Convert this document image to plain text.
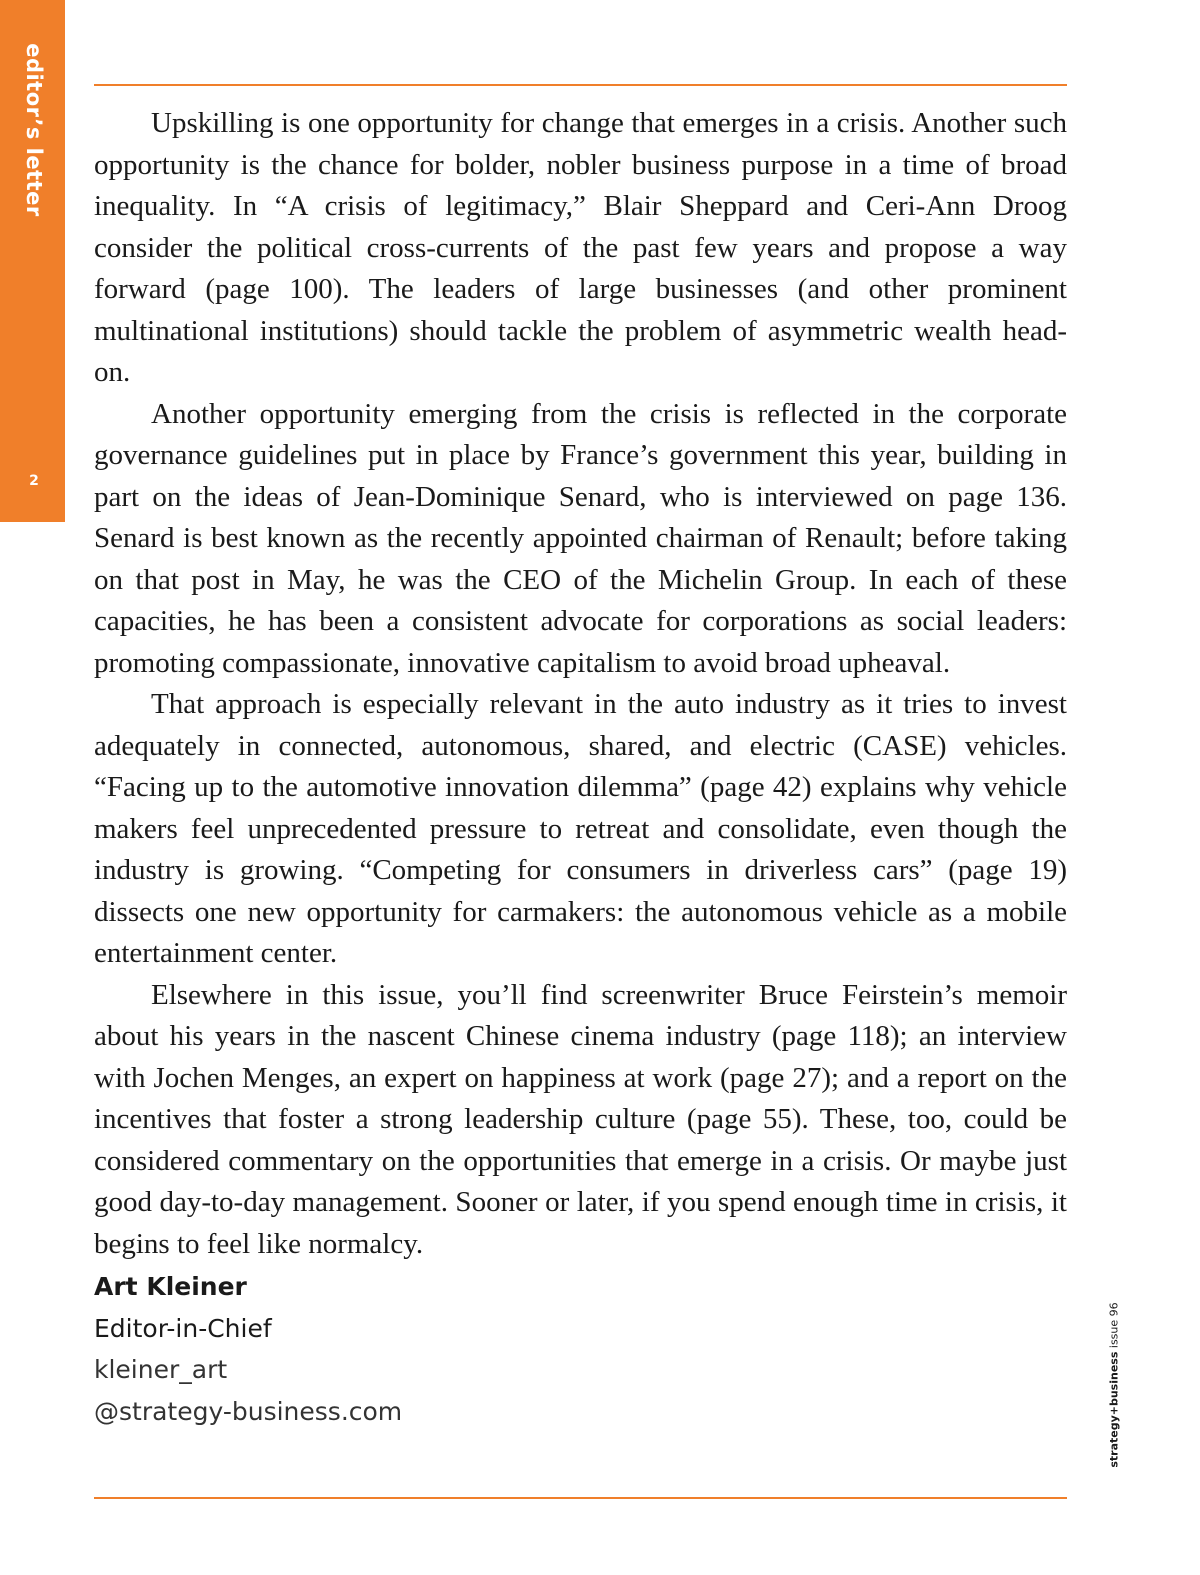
editor’s letter
2

Upskilling is one opportunity for change that emerges in a crisis. Another such opportunity is the chance for bolder, nobler business purpose in a time of broad inequality. In “A crisis of legitimacy,” Blair Sheppard and Ceri-Ann Droog consider the political cross-currents of the past few years and propose a way forward (page 100). The leaders of large businesses (and other prominent multinational institutions) should tackle the problem of asymmetric wealth head-on.

Another opportunity emerging from the crisis is reflected in the corporate governance guidelines put in place by France’s government this year, building in part on the ideas of Jean-Dominique Senard, who is interviewed on page 136. Senard is best known as the recently appointed chairman of Renault; before taking on that post in May, he was the CEO of the Michelin Group. In each of these capacities, he has been a consistent advocate for corporations as social leaders: promoting compassionate, innovative capitalism to avoid broad upheaval.

That approach is especially relevant in the auto industry as it tries to invest adequately in connected, autonomous, shared, and electric (CASE) vehicles. “Facing up to the automotive innovation dilemma” (page 42) explains why vehicle makers feel unprecedented pressure to retreat and consolidate, even though the industry is growing. “Competing for consumers in driverless cars” (page 19) dissects one new opportunity for carmakers: the autonomous vehicle as a mobile entertainment center.

Elsewhere in this issue, you’ll find screenwriter Bruce Feirstein’s memoir about his years in the nascent Chinese cinema industry (page 118); an interview with Jochen Menges, an expert on happiness at work (page 27); and a report on the incentives that foster a strong leadership culture (page 55). These, too, could be considered commentary on the opportunities that emerge in a crisis. Or maybe just good day-to-day management. Sooner or later, if you spend enough time in crisis, it begins to feel like normalcy.

Art Kleiner
Editor-in-Chief
kleiner_art
@strategy-business.com	strategy+business issue 96
